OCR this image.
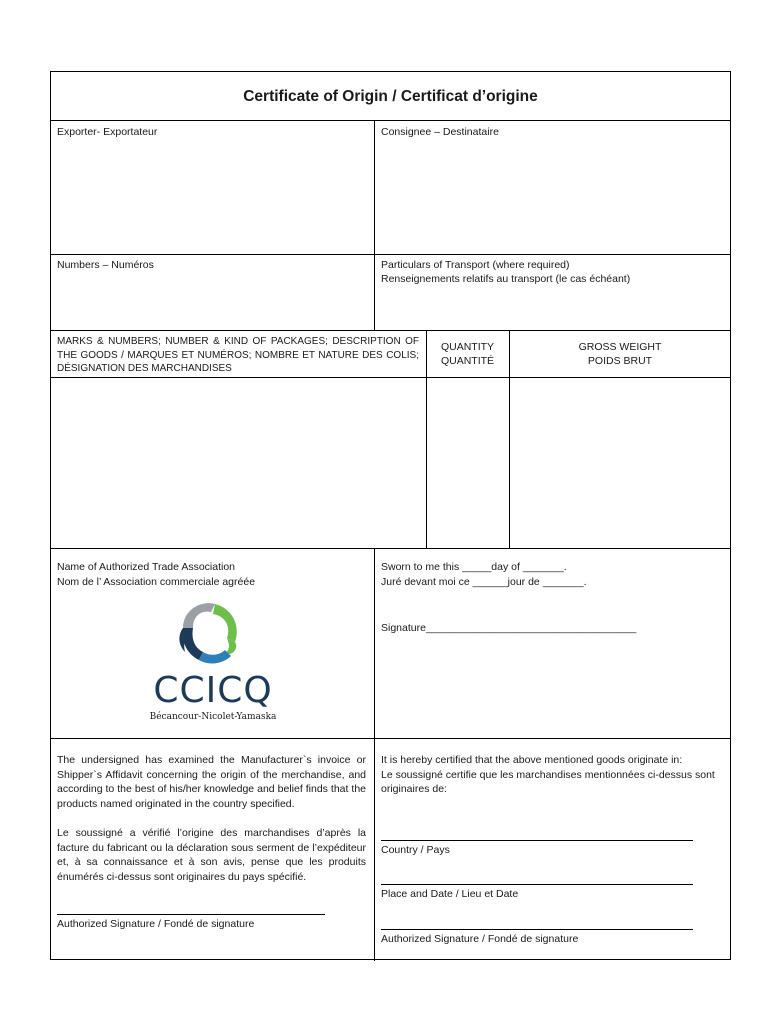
Certificate of Origin / Certificat d’origine
Exporter- Exportateur	Consignee – Destinataire
Numbers – Numéros	Particulars of Transport (where required)
Renseignements relatifs au transport (le cas échéant)
MARKS & NUMBERS; NUMBER & KIND OF PACKAGES; DESCRIPTION OF THE GOODS / MARQUES ET NUMÉROS; NOMBRE ET NATURE DES COLIS; DÉSIGNATION DES MARCHANDISES
QUANTITY
QUANTITÉ
GROSS WEIGHT
POIDS BRUT
Name of Authorized Trade Association
Nom de l’ Association commerciale agréée
CCICQ
Bécancour-Nicolet-Yamaska
Sworn to me this _____day of _______.
Juré devant moi ce ______jour de _______.
Signature____________________________________
The undersigned has examined the Manufacturer`s invoice or Shipper`s Affidavit concerning the origin of the merchandise, and according to the best of his/her knowledge and belief finds that the products named originated in the country specified.
Le soussigné a vérifié l’origine des marchandises d’après la facture du fabricant ou la déclaration sous serment de l’expéditeur et, à sa connaissance et à son avis, pense que les produits énumérés ci-dessus sont originaires du pays spécifié.
Authorized Signature / Fondé de signature
It is hereby certified that the above mentioned goods originate in:
Le soussigné certifie que les marchandises mentionnées ci-dessus sont originaires de:
Country / Pays
Place and Date / Lieu et Date
Authorized Signature / Fondé de signature
